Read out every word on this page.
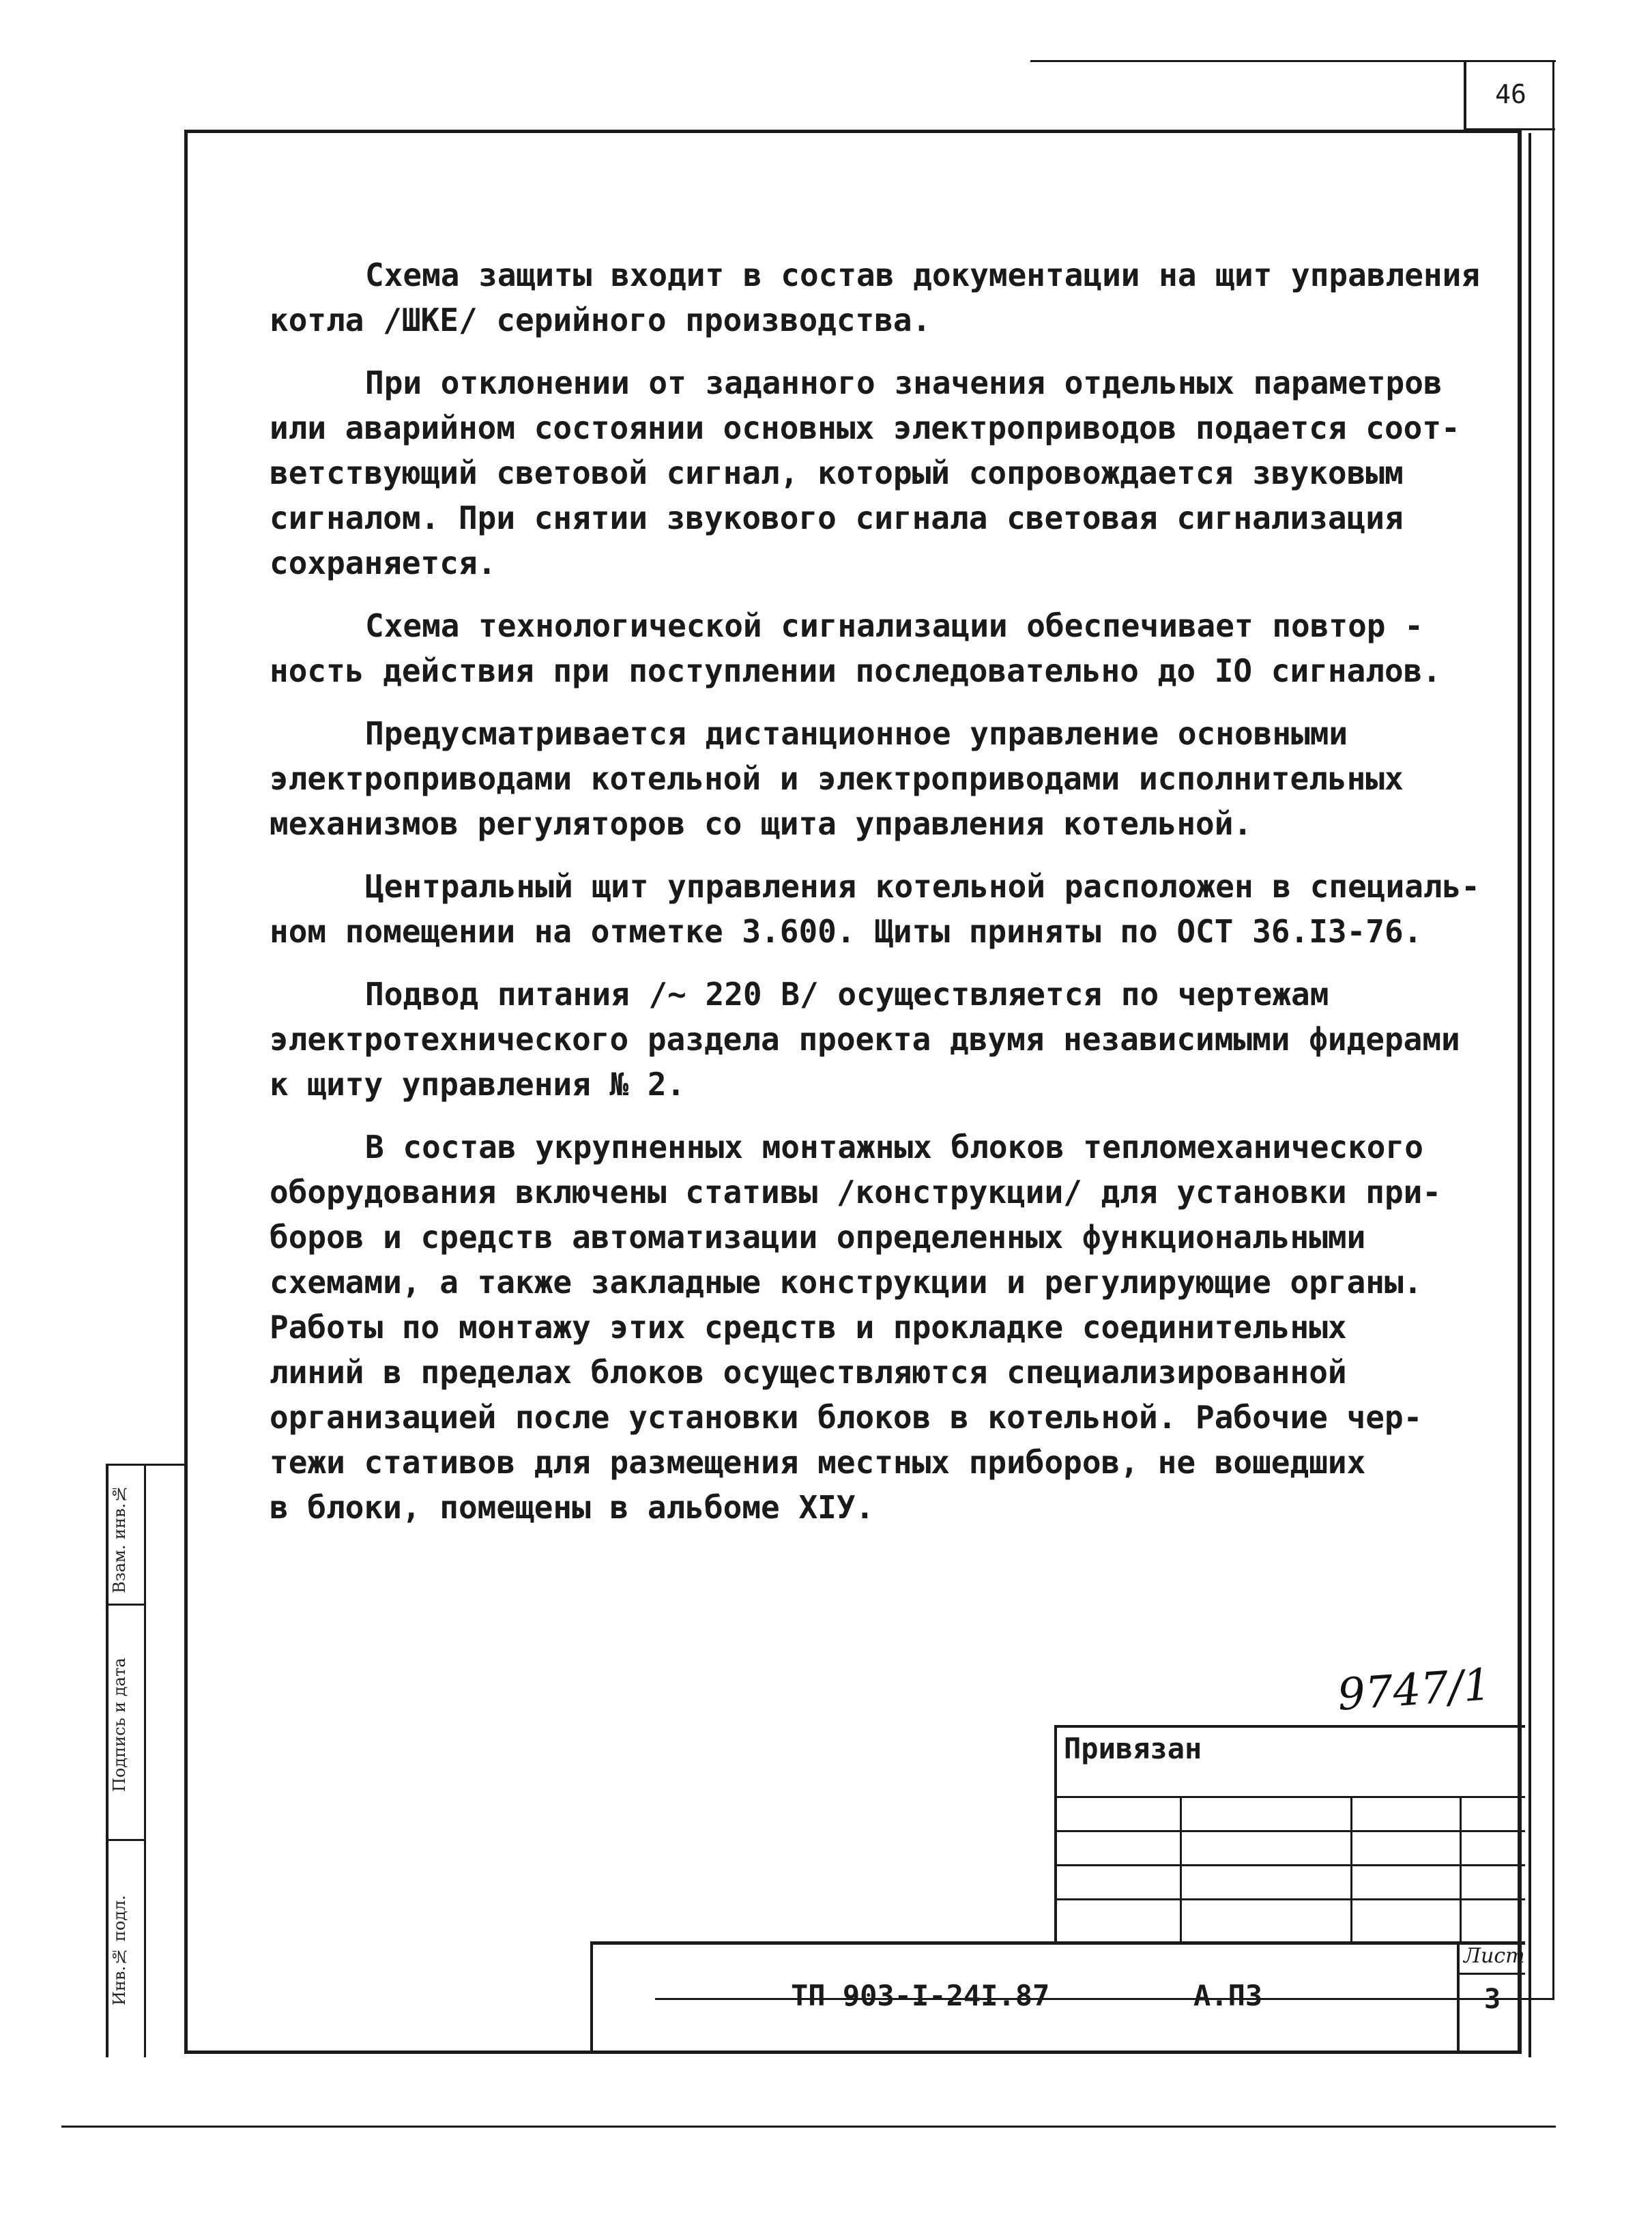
46

Схема защиты входит в состав документации на щит управления
котла /ШКЕ/ серийного производства.

При отклонении от заданного значения отдельных параметров
или аварийном состоянии основных электроприводов подается соот-
ветствующий световой сигнал, который сопровождается звуковым
сигналом. При снятии звукового сигнала световая сигнализация
сохраняется.

Схема технологической сигнализации обеспечивает повтор -
ность действия при поступлении последовательно до IO сигналов.

Предусматривается дистанционное управление основными
электроприводами котельной и электроприводами исполнительных
механизмов регуляторов со щита управления котельной.

Центральный щит управления котельной расположен в специаль-
ном помещении на отметке 3.600. Щиты приняты по ОСТ 36.I3-76.

Подвод питания /~ 220 В/ осуществляется по чертежам
электротехнического раздела проекта двумя независимыми фидерами
к щиту управления № 2.

В состав укрупненных монтажных блоков тепломеханического
оборудования включены стативы /конструкции/ для установки при-
боров и средств автоматизации определенных функциональными
схемами, а также закладные конструкции и регулирующие органы.
Работы по монтажу этих средств и прокладке соединительных
линий в пределах блоков осуществляются специализированной
организацией после установки блоков в котельной. Рабочие чер-
тежи стативов для размещения местных приборов, не вошедших
в блоки, помещены в альбоме XIУ.

Взам. инв.№
Подпись и дата
Инв.№ подл.
9747/1
Привязан
ТП 903-I-24I.87	А.ПЗ
Лист
3
